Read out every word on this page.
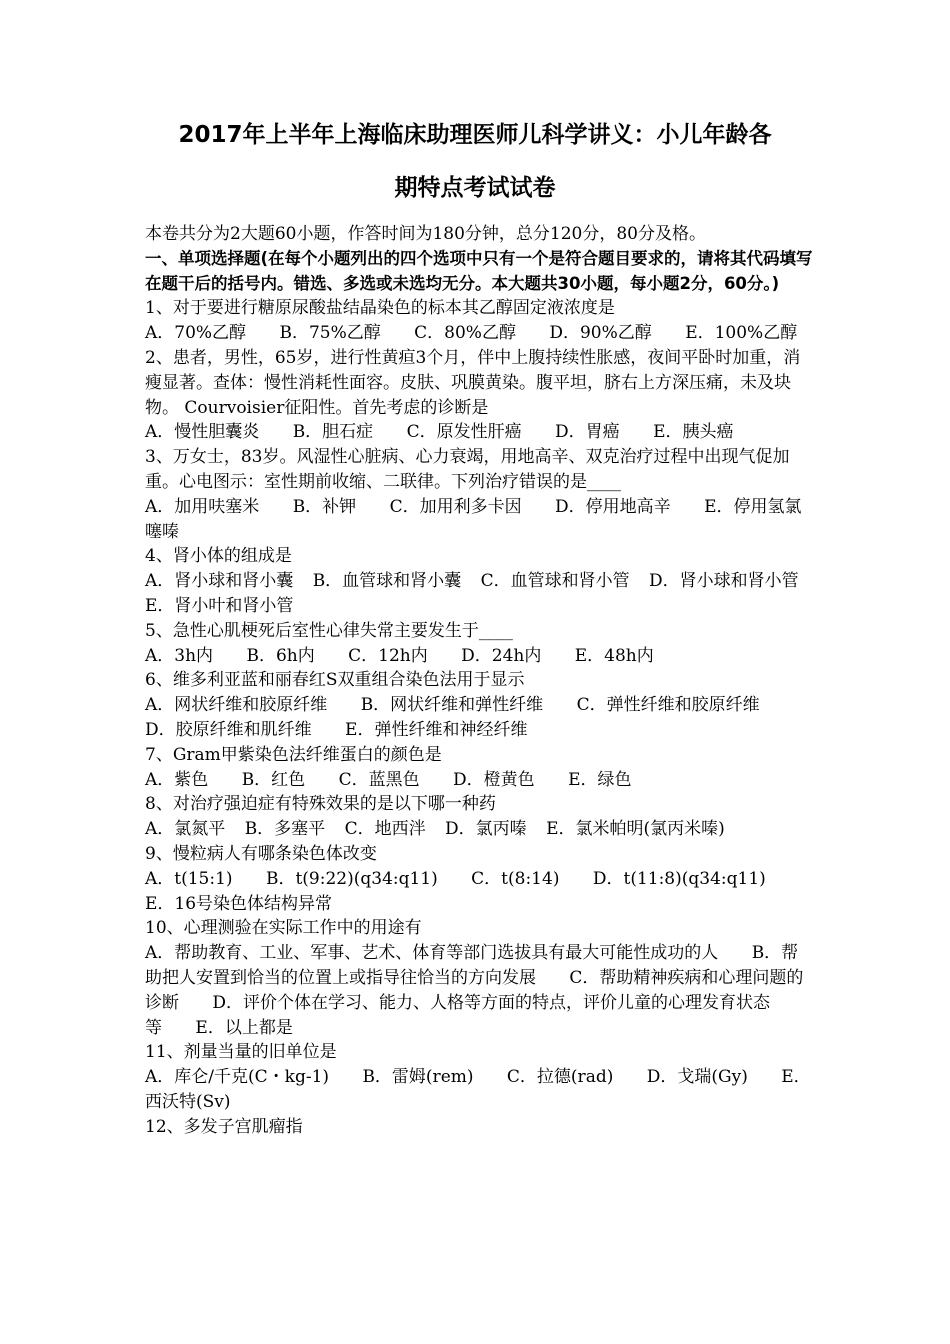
2017年上半年上海临床助理医师儿科学讲义：小儿年龄各
期特点考试试卷

本卷共分为2大题60小题，作答时间为180分钟，总分120分，80分及格。

一、单项选择题(在每个小题列出的四个选项中只有一个是符合题目要求的，请将其代码填写在题干后的括号内。错选、多选或未选均无分。本大题共30小题，每小题2分，60分。)

1、对于要进行糖原尿酸盐结晶染色的标本其乙醇固定液浓度是

A．70%乙醇 B．75%乙醇 C．80%乙醇 D．90%乙醇 E．100%乙醇

2、患者，男性，65岁，进行性黄疸3个月，伴中上腹持续性胀感，夜间平卧时加重，消瘦显著。查体：慢性消耗性面容。皮肤、巩膜黄染。腹平坦，脐右上方深压痛，未及块物。 Courvoisier征阳性。首先考虑的诊断是

A．慢性胆囊炎 B．胆石症 C．原发性肝癌 D．胃癌 E．胰头癌

3、万女士，83岁。风湿性心脏病、心力衰竭，用地高辛、双克治疗过程中出现气促加重。心电图示：室性期前收缩、二联律。下列治疗错误的是____

A．加用呋塞米 B．补钾 C．加用利多卡因 D．停用地高辛 E．停用氢氯噻嗪

4、肾小体的组成是

A．肾小球和肾小囊 B．血管球和肾小囊 C．血管球和肾小管 D．肾小球和肾小管 E．肾小叶和肾小管

5、急性心肌梗死后室性心律失常主要发生于____

A．3h内 B．6h内 C．12h内 D．24h内 E．48h内

6、维多利亚蓝和丽春红S双重组合染色法用于显示

A．网状纤维和胶原纤维 B．网状纤维和弹性纤维 C．弹性纤维和胶原纤维 D．胶原纤维和肌纤维 E．弹性纤维和神经纤维

7、Gram甲紫染色法纤维蛋白的颜色是

A．紫色 B．红色 C．蓝黑色 D．橙黄色 E．绿色

8、对治疗强迫症有特殊效果的是以下哪一种药

A．氯氮平 B．多塞平 C．地西泮 D．氯丙嗪 E．氯米帕明(氯丙米嗪)

9、慢粒病人有哪条染色体改变

A．t(15:1) B．t(9:22)(q34:q11) C．t(8:14) D．t(11:8)(q34:q11) E．16号染色体结构异常

10、心理测验在实际工作中的用途有

A．帮助教育、工业、军事、艺术、体育等部门选拔具有最大可能性成功的人 B．帮助把人安置到恰当的位置上或指导往恰当的方向发展 C．帮助精神疾病和心理问题的诊断 D．评价个体在学习、能力、人格等方面的特点，评价儿童的心理发育状态等 E．以上都是

11、剂量当量的旧单位是

A．库仑/千克(C・kg-1) B．雷姆(rem) C．拉德(rad) D．戈瑞(Gy) E．西沃特(Sv)

12、多发子宫肌瘤指
